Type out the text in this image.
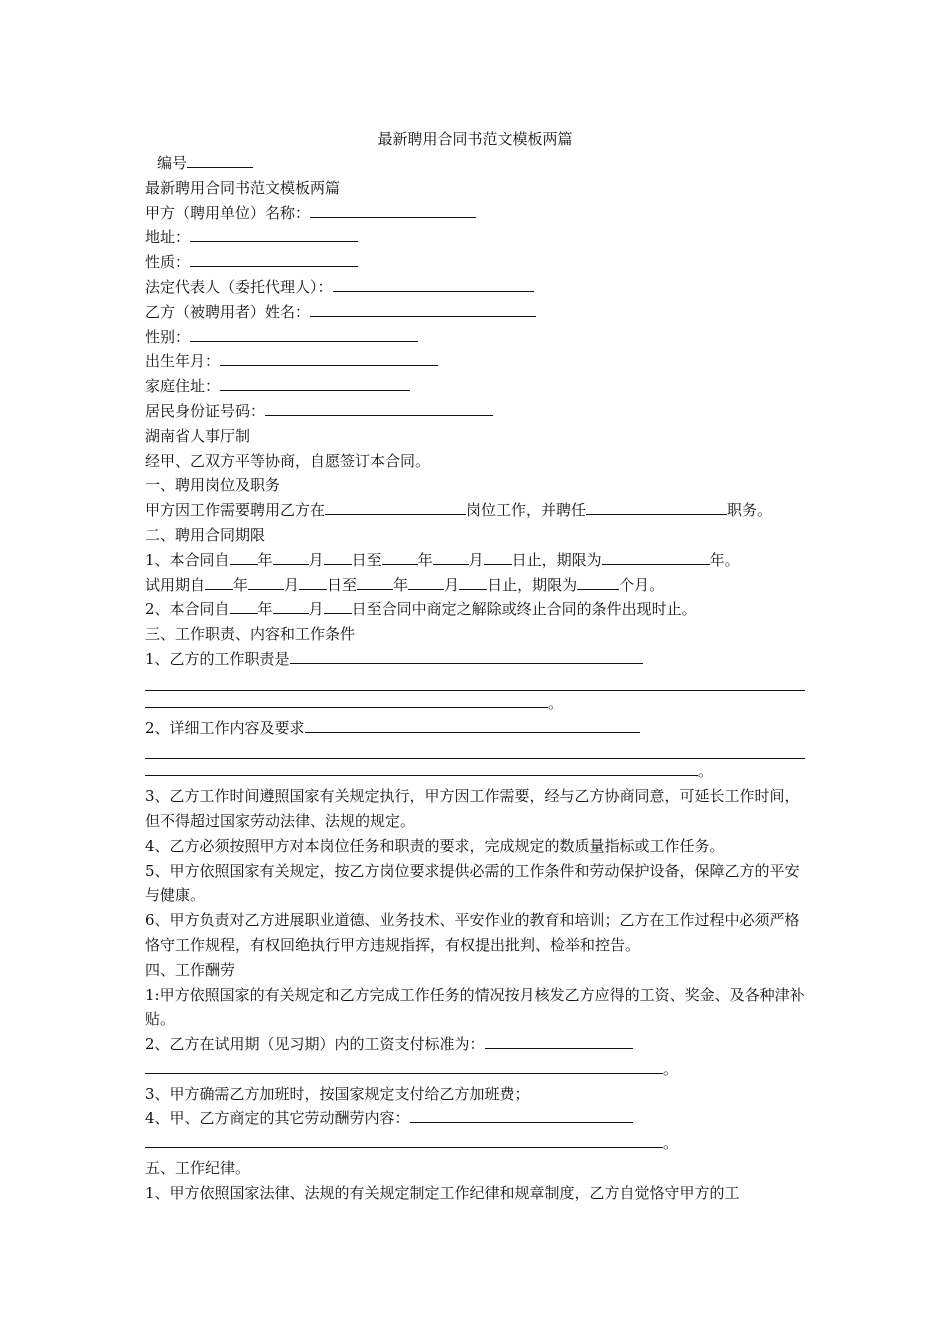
最新聘用合同书范文模板两篇

编号

最新聘用合同书范文模板两篇

甲方（聘用单位）名称：

地址：

性质：

法定代表人（委托代理人）：

乙方（被聘用者）姓名：

性别：

出生年月：

家庭住址：

居民身份证号码：

湖南省人事厅制

经甲、乙双方平等协商，自愿签订本合同。

一、聘用岗位及职务

甲方因工作需要聘用乙方在	岗位工作，并聘任	职务。

二、聘用合同期限

1、本合同自 年 月 日至 年 月 日止，期限为	年。

试用期自 年 月 日至 年 月 日止，期限为	个月。

2、本合同自 年 月 日至合同中商定之解除或终止合同的条件出现时止。

三、工作职责、内容和工作条件

1、乙方的工作职责是

。

2、详细工作内容及要求

。

3、乙方工作时间遵照国家有关规定执行，甲方因工作需要，经与乙方协商同意，可延长工作时间，但不得超过国家劳动法律、法规的规定。

4、乙方必须按照甲方对本岗位任务和职责的要求，完成规定的数质量指标或工作任务。

5、甲方依照国家有关规定，按乙方岗位要求提供必需的工作条件和劳动保护设备，保障乙方的平安与健康。

6、甲方负责对乙方进展职业道德、业务技术、平安作业的教育和培训；乙方在工作过程中必须严格恪守工作规程，有权回绝执行甲方违规指挥，有权提出批判、检举和控告。

四、工作酬劳

1:甲方依照国家的有关规定和乙方完成工作任务的情况按月核发乙方应得的工资、奖金、及各种津补贴。

2、乙方在试用期（见习期）内的工资支付标准为：

。

3、甲方确需乙方加班时，按国家规定支付给乙方加班费；

4、甲、乙方商定的其它劳动酬劳内容：

。

五、工作纪律。

1、甲方依照国家法律、法规的有关规定制定工作纪律和规章制度，乙方自觉恪守甲方的工
